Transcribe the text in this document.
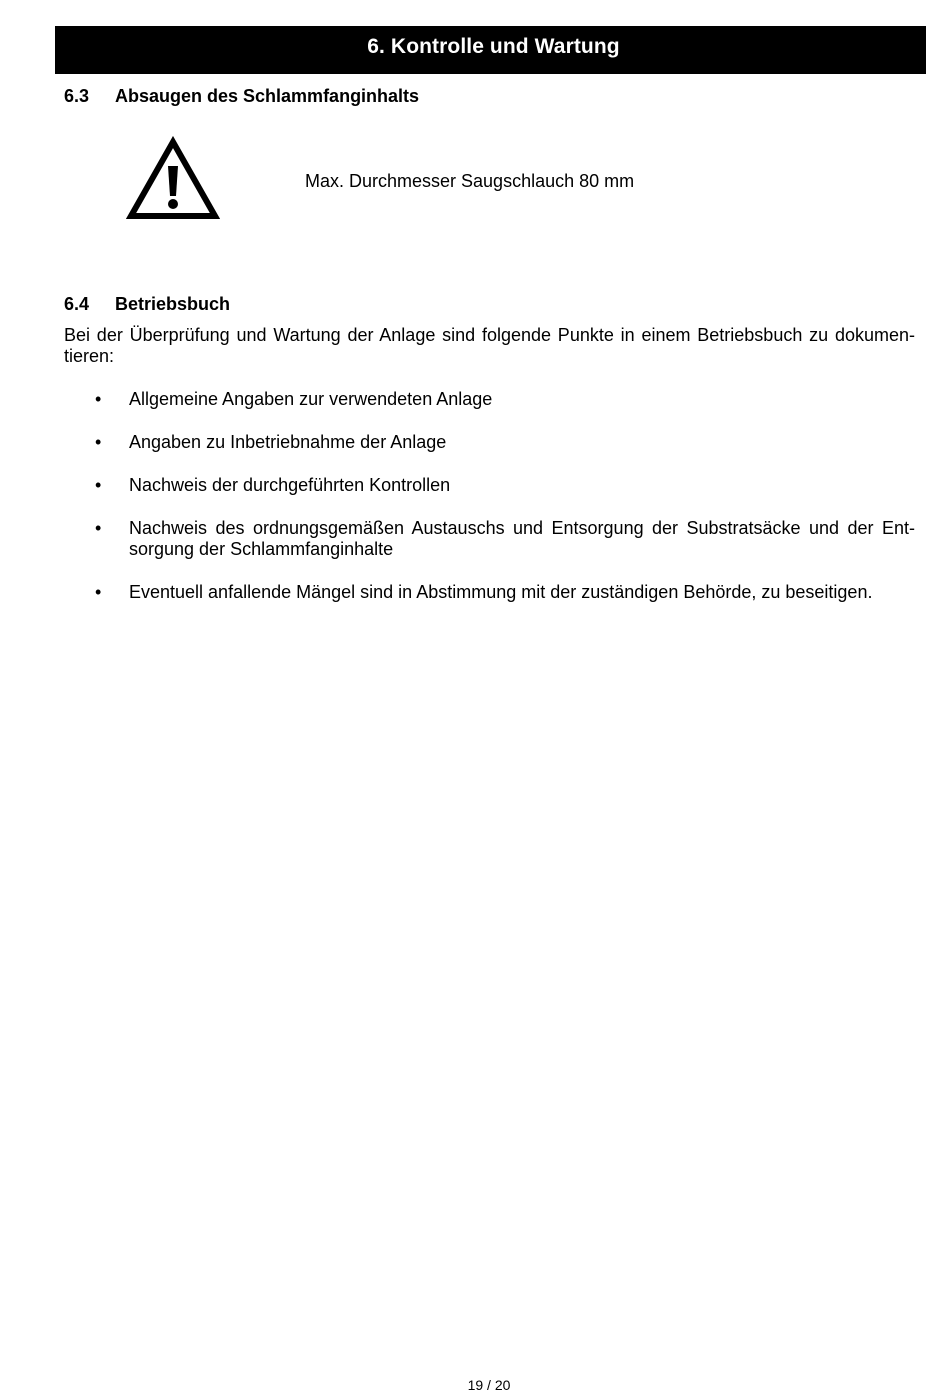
6. Kontrolle und Wartung
6.3 Absaugen des Schlammfanginhalts
Max. Durchmesser Saugschlauch 80 mm
6.4 Betriebsbuch
Bei der Überprüfung und Wartung der Anlage sind folgende Punkte in einem Betriebsbuch zu dokumen-
tieren:
• Allgemeine Angaben zur verwendeten Anlage
• Angaben zu Inbetriebnahme der Anlage
• Nachweis der durchgeführten Kontrollen
• Nachweis des ordnungsgemäßen Austauschs und Entsorgung der Substratsäcke und der Ent-
sorgung der Schlammfanginhalte
• Eventuell anfallende Mängel sind in Abstimmung mit der zuständigen Behörde, zu beseitigen.
19 / 20
